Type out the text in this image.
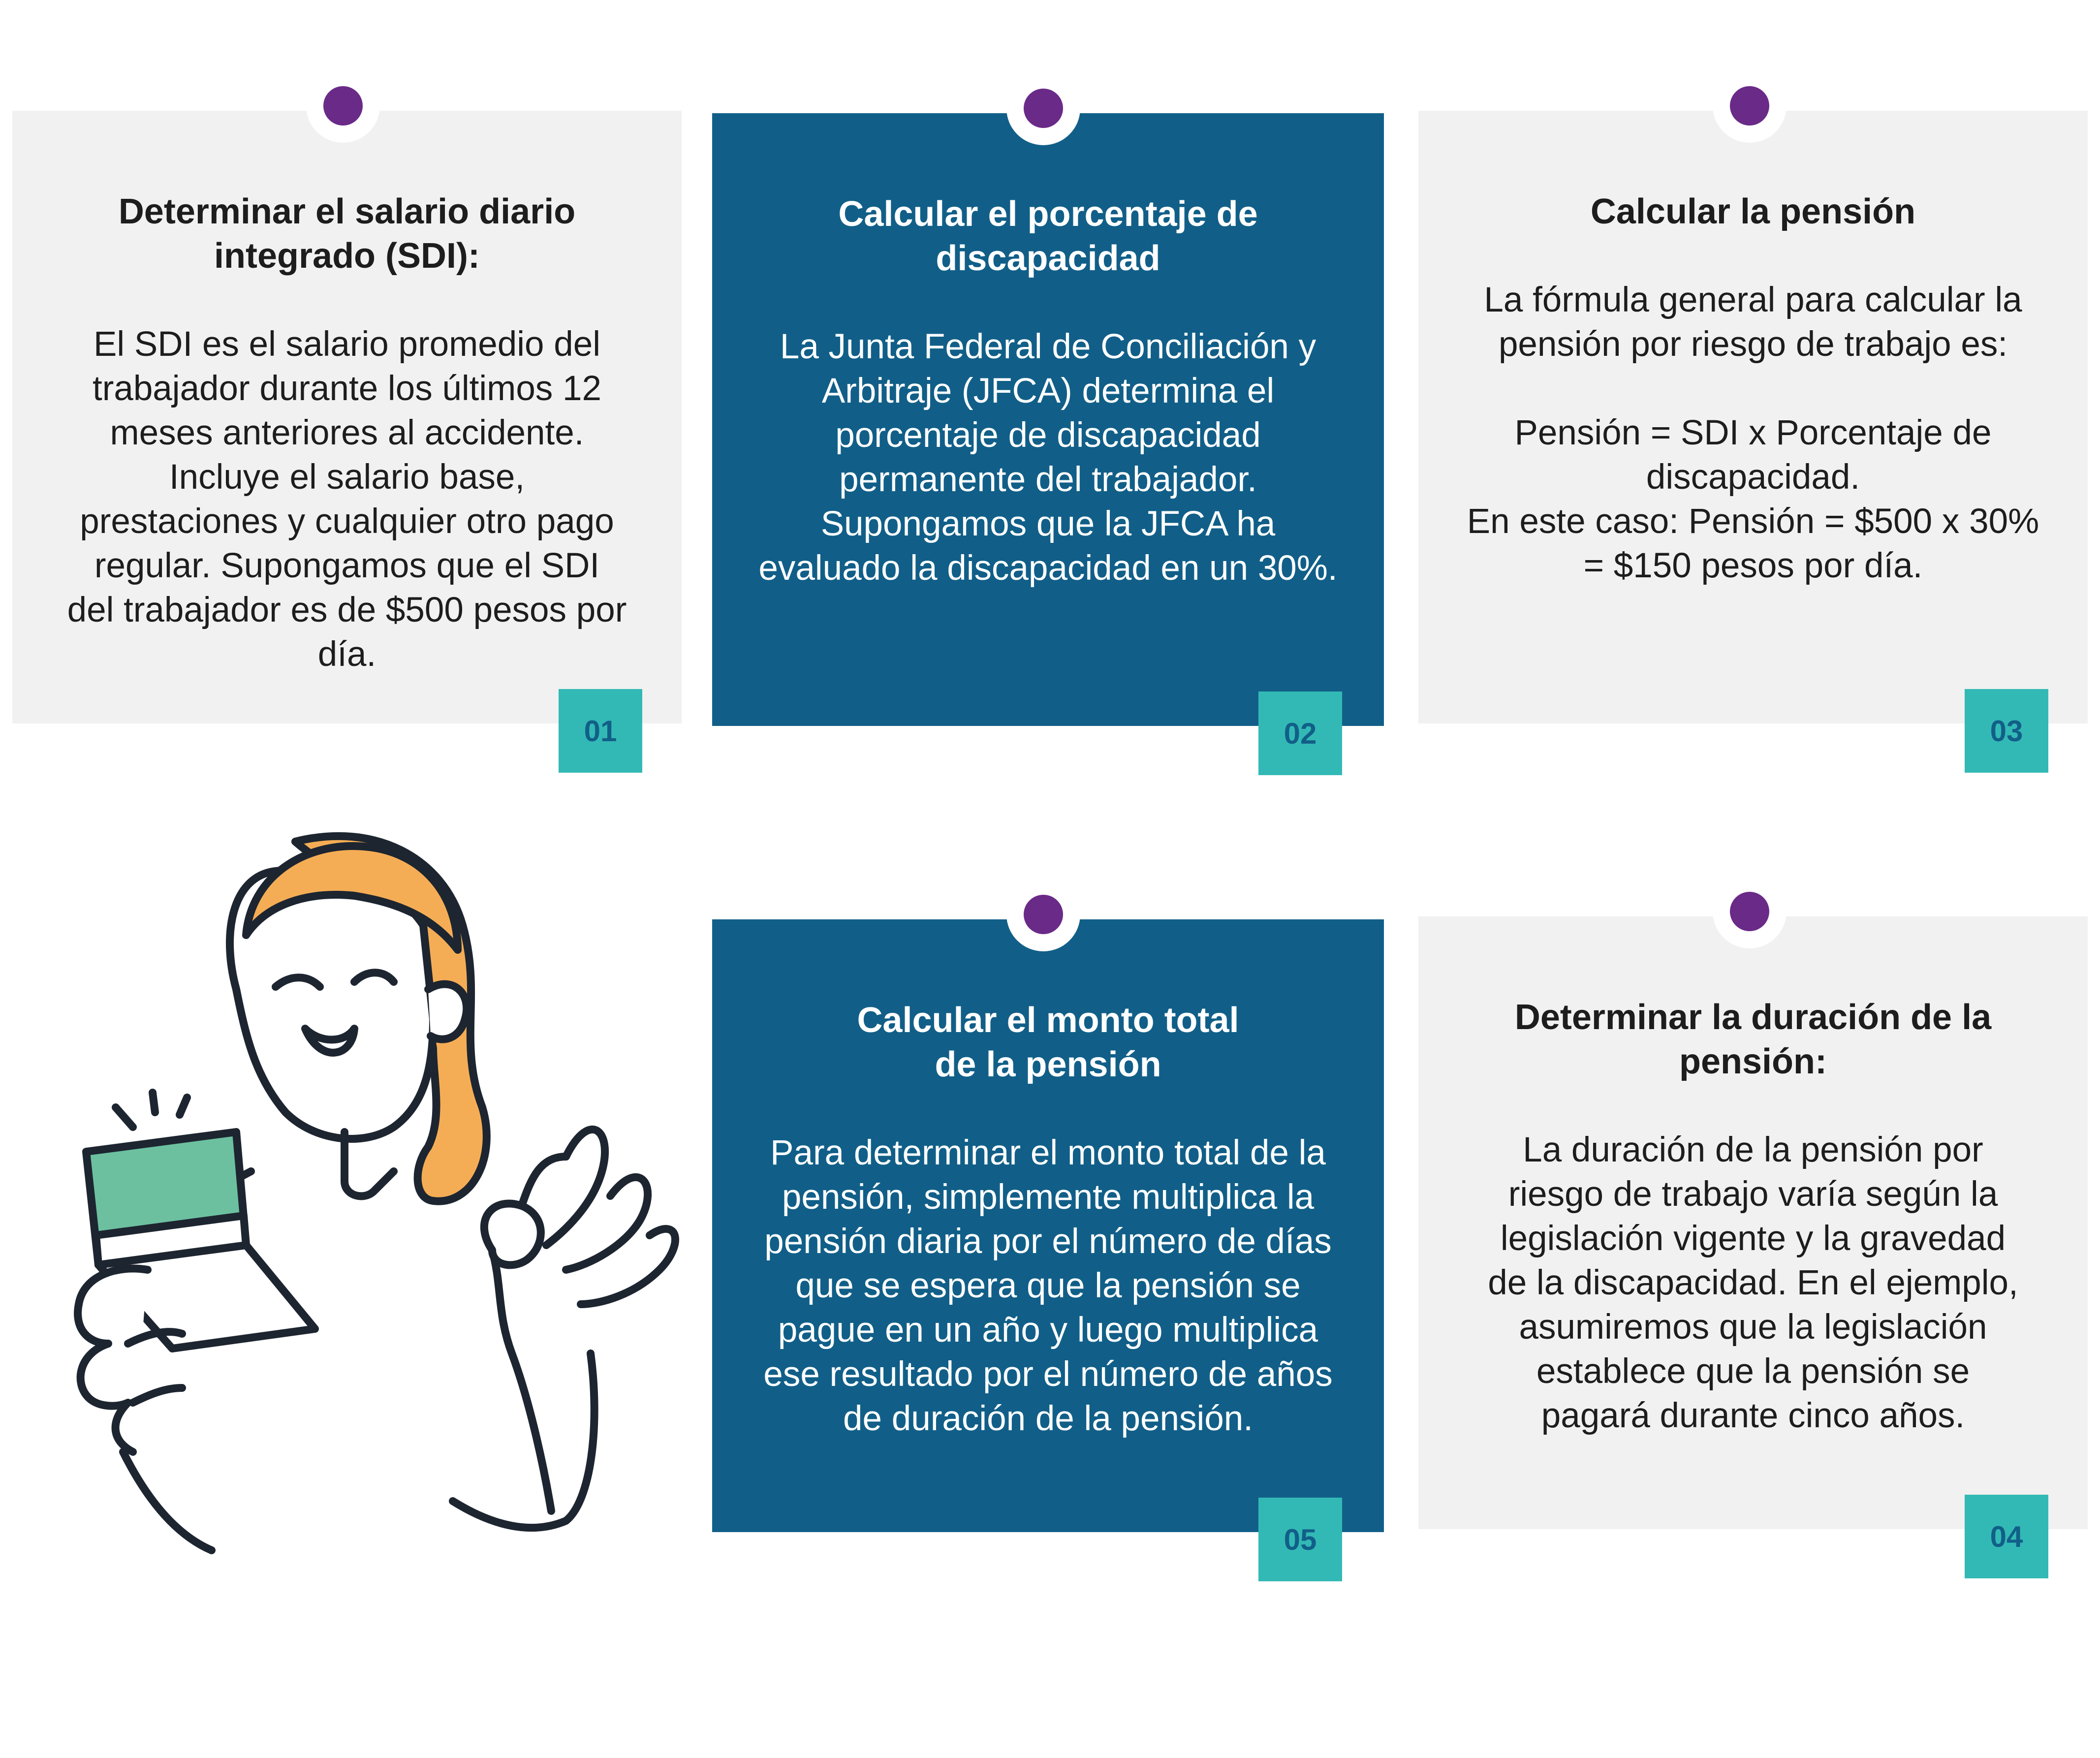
Determinar el salario diario integrado (SDI):

El SDI es el salario promedio del trabajador durante los últimos 12 meses anteriores al accidente. Incluye el salario base, prestaciones y cualquier otro pago regular. Supongamos que el SDI del trabajador es de $500 pesos por día.

01

Calcular el porcentaje de discapacidad

La Junta Federal de Conciliación y Arbitraje (JFCA) determina el porcentaje de discapacidad permanente del trabajador. Supongamos que la JFCA ha evaluado la discapacidad en un 30%.

02

Calcular la pensión

La fórmula general para calcular la pensión por riesgo de trabajo es:

Pensión = SDI x Porcentaje de discapacidad.
En este caso: Pensión = $500 x 30% = $150 pesos por día.

03

Calcular el monto total de la pensión

Para determinar el monto total de la pensión, simplemente multiplica la pensión diaria por el número de días que se espera que la pensión se pague en un año y luego multiplica ese resultado por el número de años de duración de la pensión.

05

Determinar la duración de la pensión:

La duración de la pensión por riesgo de trabajo varía según la legislación vigente y la gravedad de la discapacidad. En el ejemplo, asumiremos que la legislación establece que la pensión se pagará durante cinco años.

04
